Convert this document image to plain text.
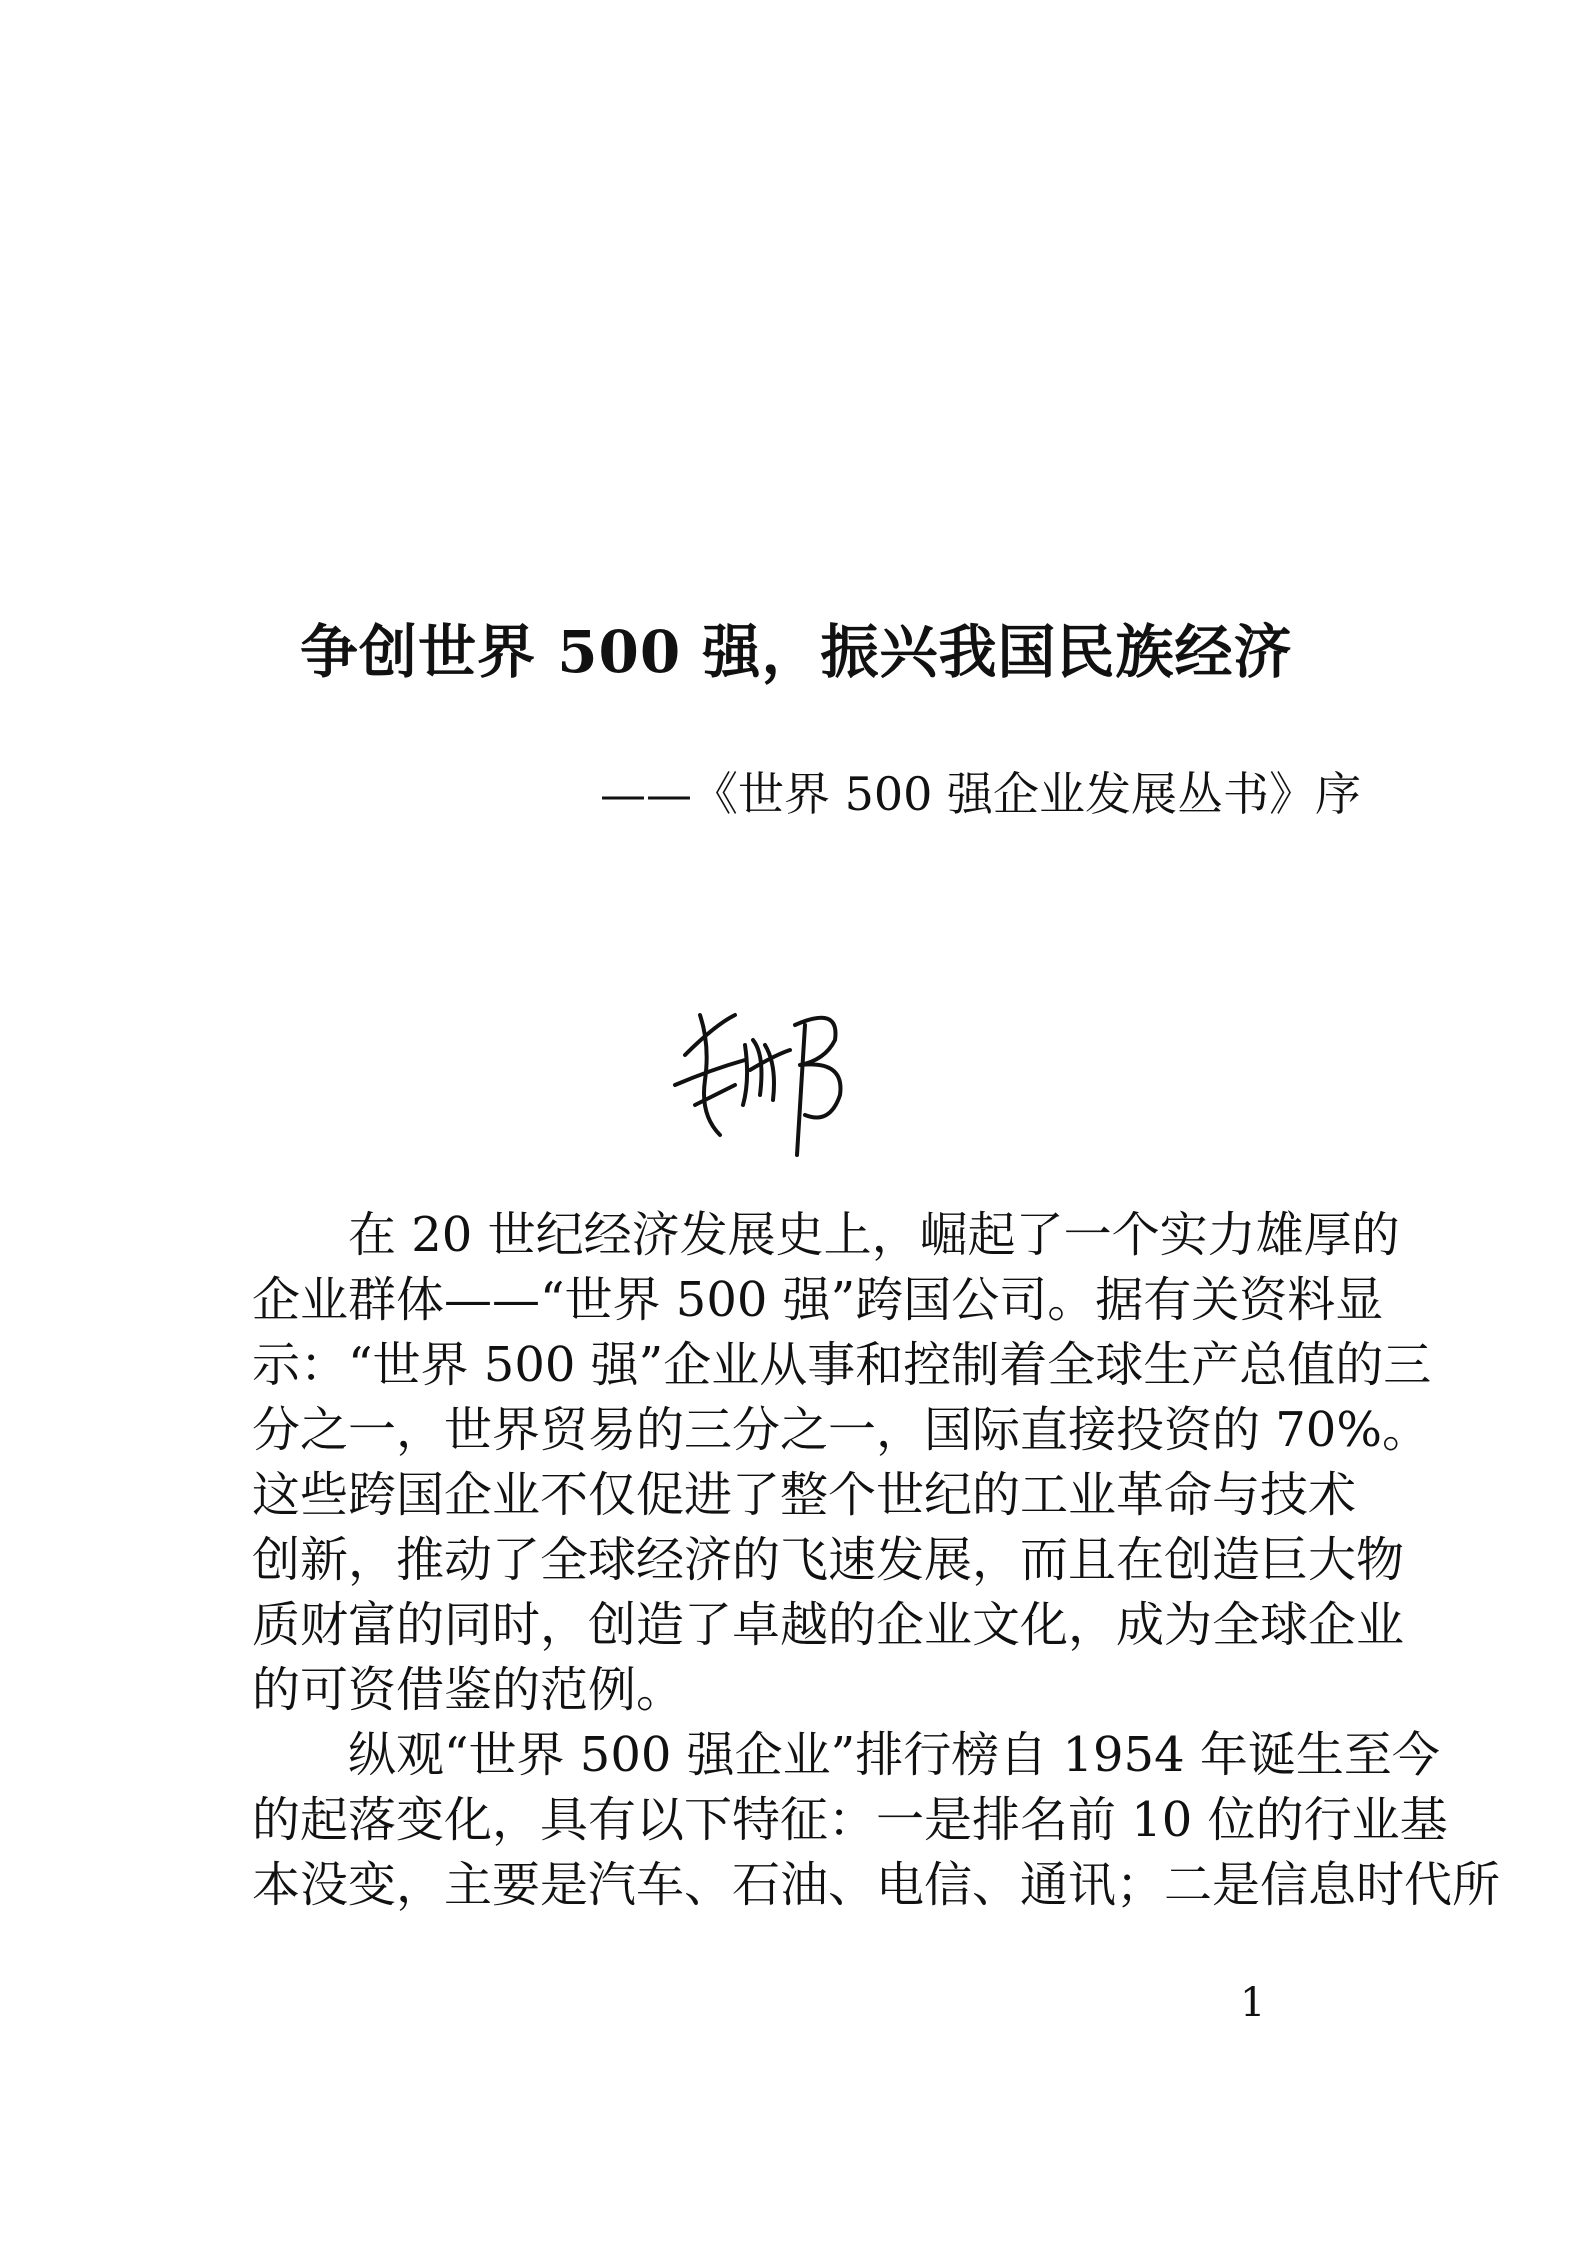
争创世界 500 强，振兴我国民族经济
——《世界 500 强企业发展丛书》序
在 20 世纪经济发展史上，崛起了一个实力雄厚的
企业群体——“世界 500 强”跨国公司。据有关资料显
示：“世界 500 强”企业从事和控制着全球生产总值的三
分之一，世界贸易的三分之一，国际直接投资的 70%。
这些跨国企业不仅促进了整个世纪的工业革命与技术
创新，推动了全球经济的飞速发展，而且在创造巨大物
质财富的同时，创造了卓越的企业文化，成为全球企业
的可资借鉴的范例。
纵观“世界 500 强企业”排行榜自 1954 年诞生至今
的起落变化，具有以下特征：一是排名前 10 位的行业基
本没变，主要是汽车、石油、电信、通讯；二是信息时代所
1
